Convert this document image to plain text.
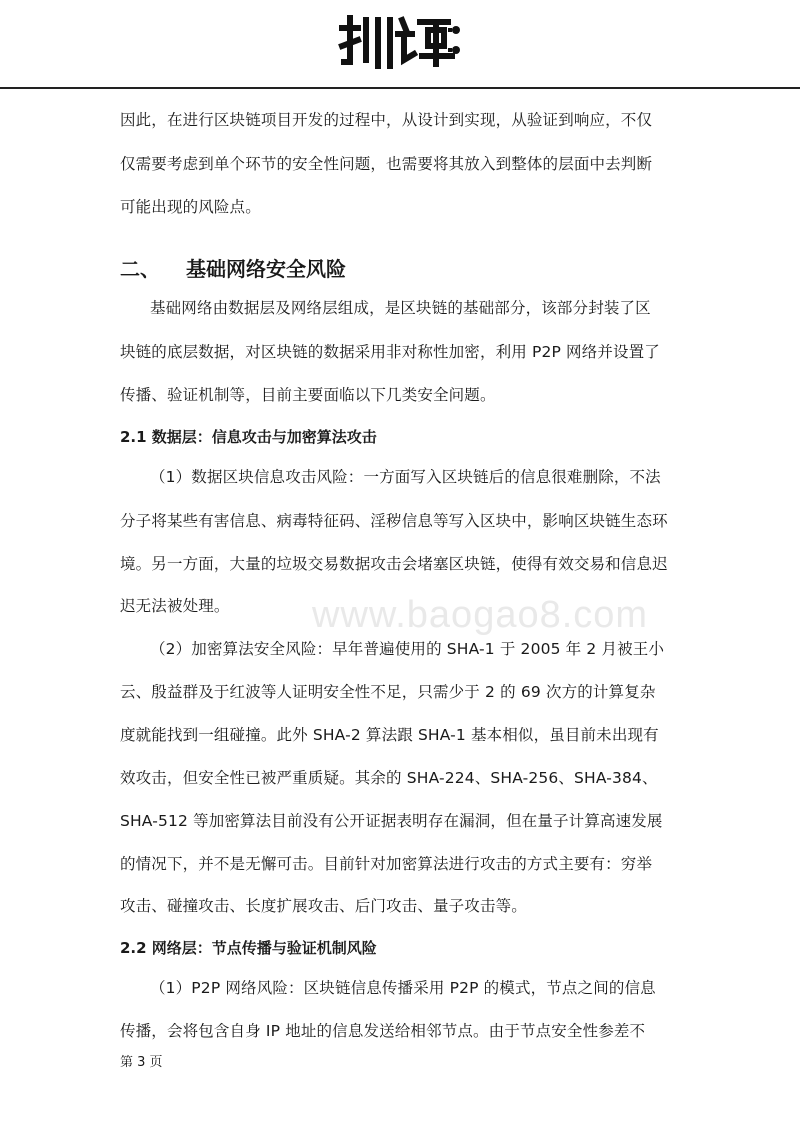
因此，在进行区块链项目开发的过程中，从设计到实现，从验证到响应，不仅
仅需要考虑到单个环节的安全性问题，也需要将其放入到整体的层面中去判断
可能出现的风险点。
二、 基础网络安全风险
基础网络由数据层及网络层组成，是区块链的基础部分，该部分封装了区
块链的底层数据，对区块链的数据采用非对称性加密，利用 P2P 网络并设置了
传播、验证机制等，目前主要面临以下几类安全问题。
2.1 数据层：信息攻击与加密算法攻击
（1）数据区块信息攻击风险：一方面写入区块链后的信息很难删除，不法
分子将某些有害信息、病毒特征码、淫秽信息等写入区块中，影响区块链生态环
境。另一方面，大量的垃圾交易数据攻击会堵塞区块链，使得有效交易和信息迟
迟无法被处理。 www.baogao8.com
（2）加密算法安全风险：早年普遍使用的 SHA-1 于 2005 年 2 月被王小
云、殷益群及于红波等人证明安全性不足，只需少于 2 的 69 次方的计算复杂
度就能找到一组碰撞。此外 SHA-2 算法跟 SHA-1 基本相似，虽目前未出现有
效攻击，但安全性已被严重质疑。其余的 SHA-224、SHA-256、SHA-384、
SHA-512 等加密算法目前没有公开证据表明存在漏洞，但在量子计算高速发展
的情况下，并不是无懈可击。目前针对加密算法进行攻击的方式主要有：穷举
攻击、碰撞攻击、长度扩展攻击、后门攻击、量子攻击等。
2.2 网络层：节点传播与验证机制风险
（1）P2P 网络风险：区块链信息传播采用 P2P 的模式，节点之间的信息
传播，会将包含自身 IP 地址的信息发送给相邻节点。由于节点安全性参差不
第 3 页
